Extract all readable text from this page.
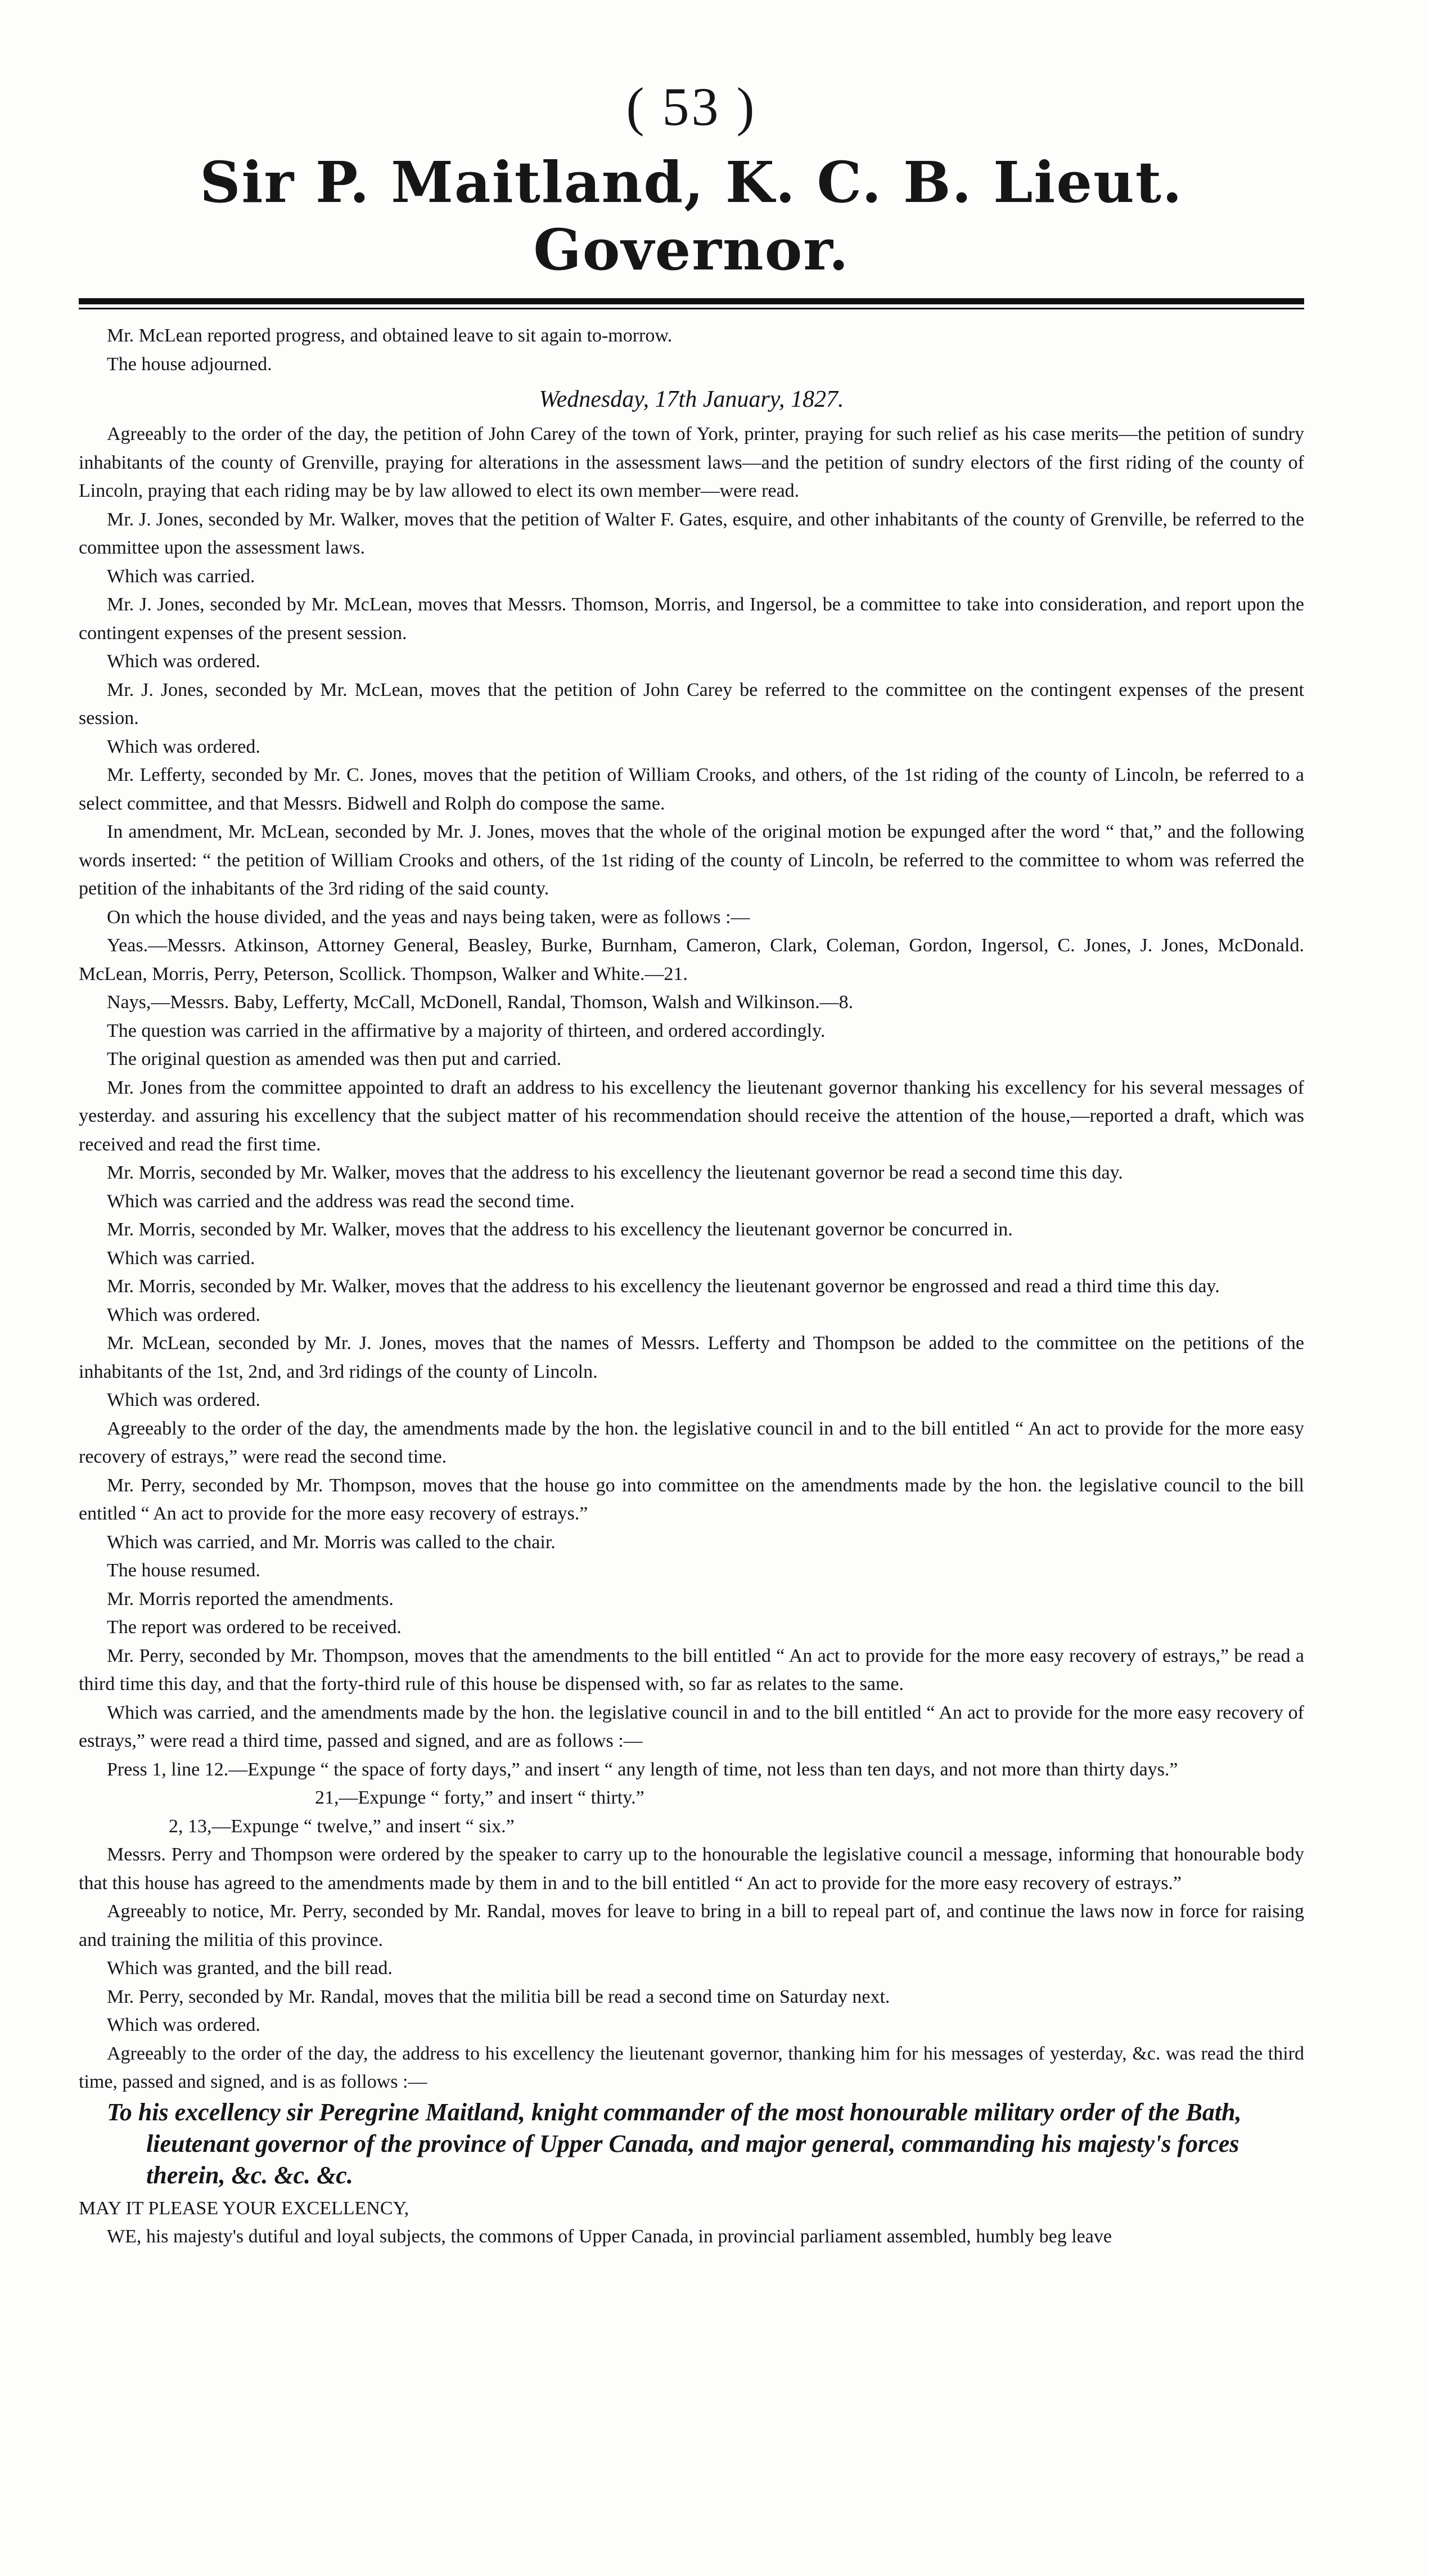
( 53 )
Sir P. Maitland, K. C. B. Lieut. Governor.

Mr. McLean reported progress, and obtained leave to sit again to-morrow.

The house adjourned.

Wednesday, 17th January, 1827.

Agreeably to the order of the day, the petition of John Carey of the town of York, printer, praying for such relief as his case merits—the petition of sundry inhabitants of the county of Grenville, praying for alterations in the assessment laws—and the petition of sundry electors of the first riding of the county of Lincoln, praying that each riding may be by law allowed to elect its own member—were read.

Mr. J. Jones, seconded by Mr. Walker, moves that the petition of Walter F. Gates, esquire, and other inhabitants of the county of Grenville, be referred to the committee upon the assessment laws.

Which was carried.

Mr. J. Jones, seconded by Mr. McLean, moves that Messrs. Thomson, Morris, and Ingersol, be a committee to take into consideration, and report upon the contingent expenses of the present session.

Which was ordered.

Mr. J. Jones, seconded by Mr. McLean, moves that the petition of John Carey be referred to the committee on the contingent expenses of the present session.

Which was ordered.

Mr. Lefferty, seconded by Mr. C. Jones, moves that the petition of William Crooks, and others, of the 1st riding of the county of Lincoln, be referred to a select committee, and that Messrs. Bidwell and Rolph do compose the same.

In amendment, Mr. McLean, seconded by Mr. J. Jones, moves that the whole of the original motion be expunged after the word “ that,” and the following words inserted: “ the petition of William Crooks and others, of the 1st riding of the county of Lincoln, be referred to the committee to whom was referred the petition of the inhabitants of the 3rd riding of the said county.

On which the house divided, and the yeas and nays being taken, were as follows :—

Yeas.—Messrs. Atkinson, Attorney General, Beasley, Burke, Burnham, Cameron, Clark, Coleman, Gordon, Ingersol, C. Jones, J. Jones, McDonald. McLean, Morris, Perry, Peterson, Scollick. Thompson, Walker and White.—21.

Nays,—Messrs. Baby, Lefferty, McCall, McDonell, Randal, Thomson, Walsh and Wilkinson.—8.

The question was carried in the affirmative by a majority of thirteen, and ordered accordingly.

The original question as amended was then put and carried.

Mr. Jones from the committee appointed to draft an address to his excellency the lieutenant governor thanking his excellency for his several messages of yesterday. and assuring his excellency that the subject matter of his recommendation should receive the attention of the house,—reported a draft, which was received and read the first time.

Mr. Morris, seconded by Mr. Walker, moves that the address to his excellency the lieutenant governor be read a second time this day.

Which was carried and the address was read the second time.

Mr. Morris, seconded by Mr. Walker, moves that the address to his excellency the lieutenant governor be concurred in.

Which was carried.

Mr. Morris, seconded by Mr. Walker, moves that the address to his excellency the lieutenant governor be engrossed and read a third time this day.

Which was ordered.

Mr. McLean, seconded by Mr. J. Jones, moves that the names of Messrs. Lefferty and Thompson be added to the committee on the petitions of the inhabitants of the 1st, 2nd, and 3rd ridings of the county of Lincoln.

Which was ordered.

Agreeably to the order of the day, the amendments made by the hon. the legislative council in and to the bill entitled “ An act to provide for the more easy recovery of estrays,” were read the second time.

Mr. Perry, seconded by Mr. Thompson, moves that the house go into committee on the amendments made by the hon. the legislative council to the bill entitled “ An act to provide for the more easy recovery of estrays.”

Which was carried, and Mr. Morris was called to the chair.

The house resumed.

Mr. Morris reported the amendments.

The report was ordered to be received.

Mr. Perry, seconded by Mr. Thompson, moves that the amendments to the bill entitled “ An act to provide for the more easy recovery of estrays,” be read a third time this day, and that the forty-third rule of this house be dispensed with, so far as relates to the same.

Which was carried, and the amendments made by the hon. the legislative council in and to the bill entitled “ An act to provide for the more easy recovery of estrays,” were read a third time, passed and signed, and are as follows :—

Press 1, line 12.—Expunge “ the space of forty days,” and insert “ any length of time, not less than ten days, and not more than thirty days.”

21,—Expunge “ forty,” and insert “ thirty.”

2, 13,—Expunge “ twelve,” and insert “ six.”

Messrs. Perry and Thompson were ordered by the speaker to carry up to the honourable the legislative council a message, informing that honourable body that this house has agreed to the amendments made by them in and to the bill entitled “ An act to provide for the more easy recovery of estrays.”

Agreeably to notice, Mr. Perry, seconded by Mr. Randal, moves for leave to bring in a bill to repeal part of, and continue the laws now in force for raising and training the militia of this province.

Which was granted, and the bill read.

Mr. Perry, seconded by Mr. Randal, moves that the militia bill be read a second time on Saturday next.

Which was ordered.

Agreeably to the order of the day, the address to his excellency the lieutenant governor, thanking him for his messages of yesterday, &c. was read the third time, passed and signed, and is as follows :—

To his excellency sir Peregrine Maitland, knight commander of the most honourable military order of the Bath, lieutenant governor of the province of Upper Canada, and major general, commanding his majesty's forces therein, &c. &c. &c.

MAY IT PLEASE YOUR EXCELLENCY,

WE, his majesty's dutiful and loyal subjects, the commons of Upper Canada, in provincial parliament assembled, humbly beg leave
